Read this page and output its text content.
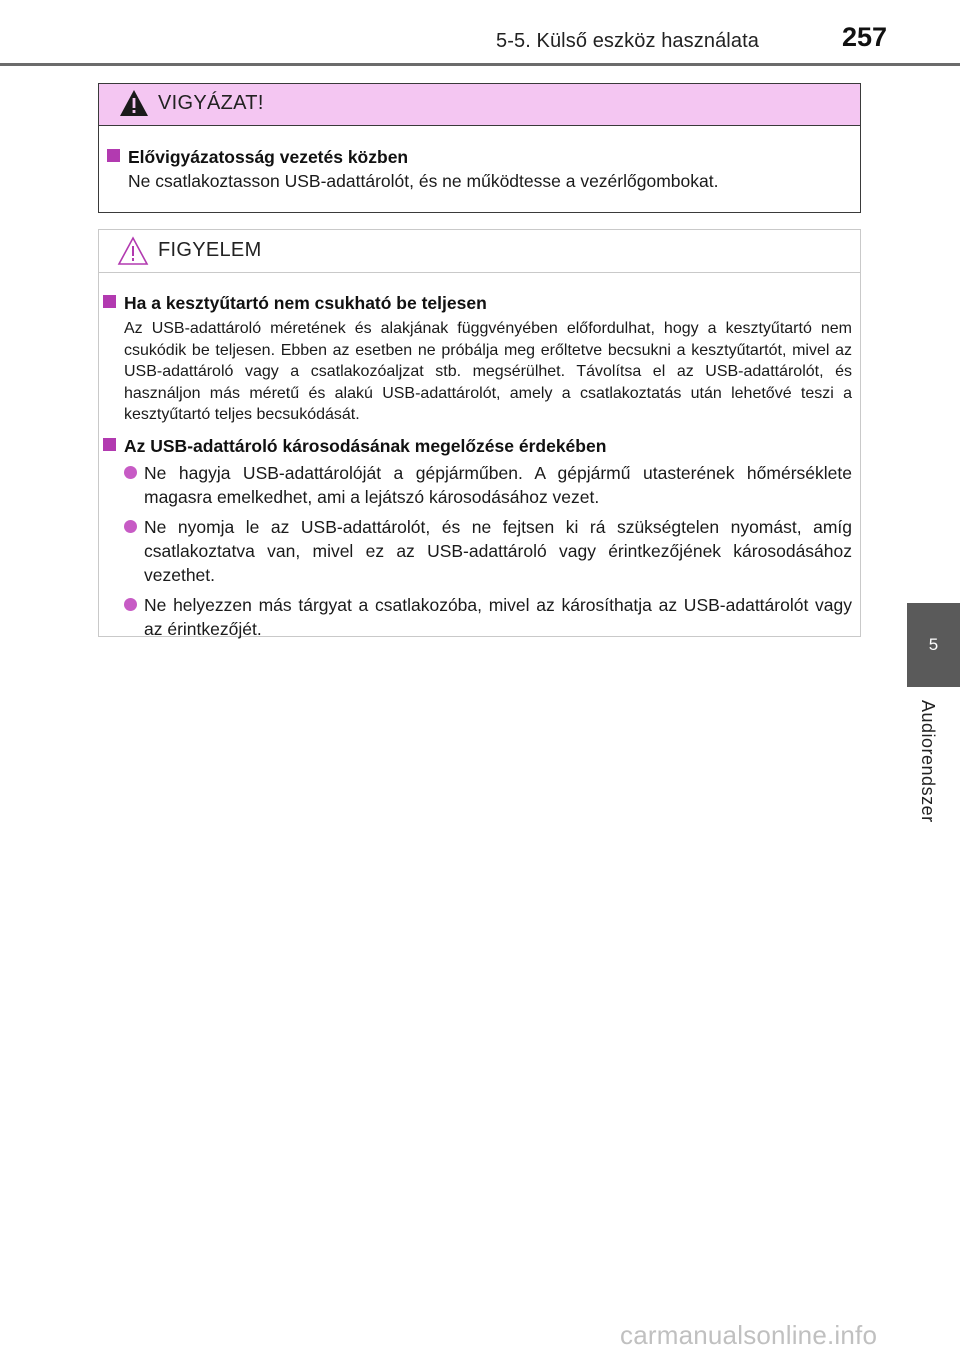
5-5. Külső eszköz használata	257
5
Audiorendszer
VIGYÁZAT!
Elővigyázatosság vezetés közben
Ne csatlakoztasson USB-adattárolót, és ne működtesse a vezérlőgombokat.
FIGYELEM
Ha a kesztyűtartó nem csukható be teljesen
Az USB-adattároló méretének és alakjának függvényében előfordulhat, hogy a kesztyűtartó nem csukódik be teljesen. Ebben az esetben ne próbálja meg erőltetve becsukni a kesztyűtartót, mivel az USB-adattároló vagy a csatlakozóaljzat stb. megsérülhet. Távolítsa el az USB-adattárolót, és használjon más méretű és alakú USB-adattárolót, amely a csatlakoztatás után lehetővé teszi a kesztyűtartó teljes becsukódását.
Az USB-adattároló károsodásának megelőzése érdekében
Ne hagyja USB-adattárolóját a gépjárműben. A gépjármű utasterének hőmérséklete magasra emelkedhet, ami a lejátszó károsodásához vezet.
Ne nyomja le az USB-adattárolót, és ne fejtsen ki rá szükségtelen nyomást, amíg csatlakoztatva van, mivel ez az USB-adattároló vagy érintkezőjének károsodásához vezethet.
Ne helyezzen más tárgyat a csatlakozóba, mivel az károsíthatja az USB-adattárolót vagy az érintkezőjét.
carmanualsonline.info
